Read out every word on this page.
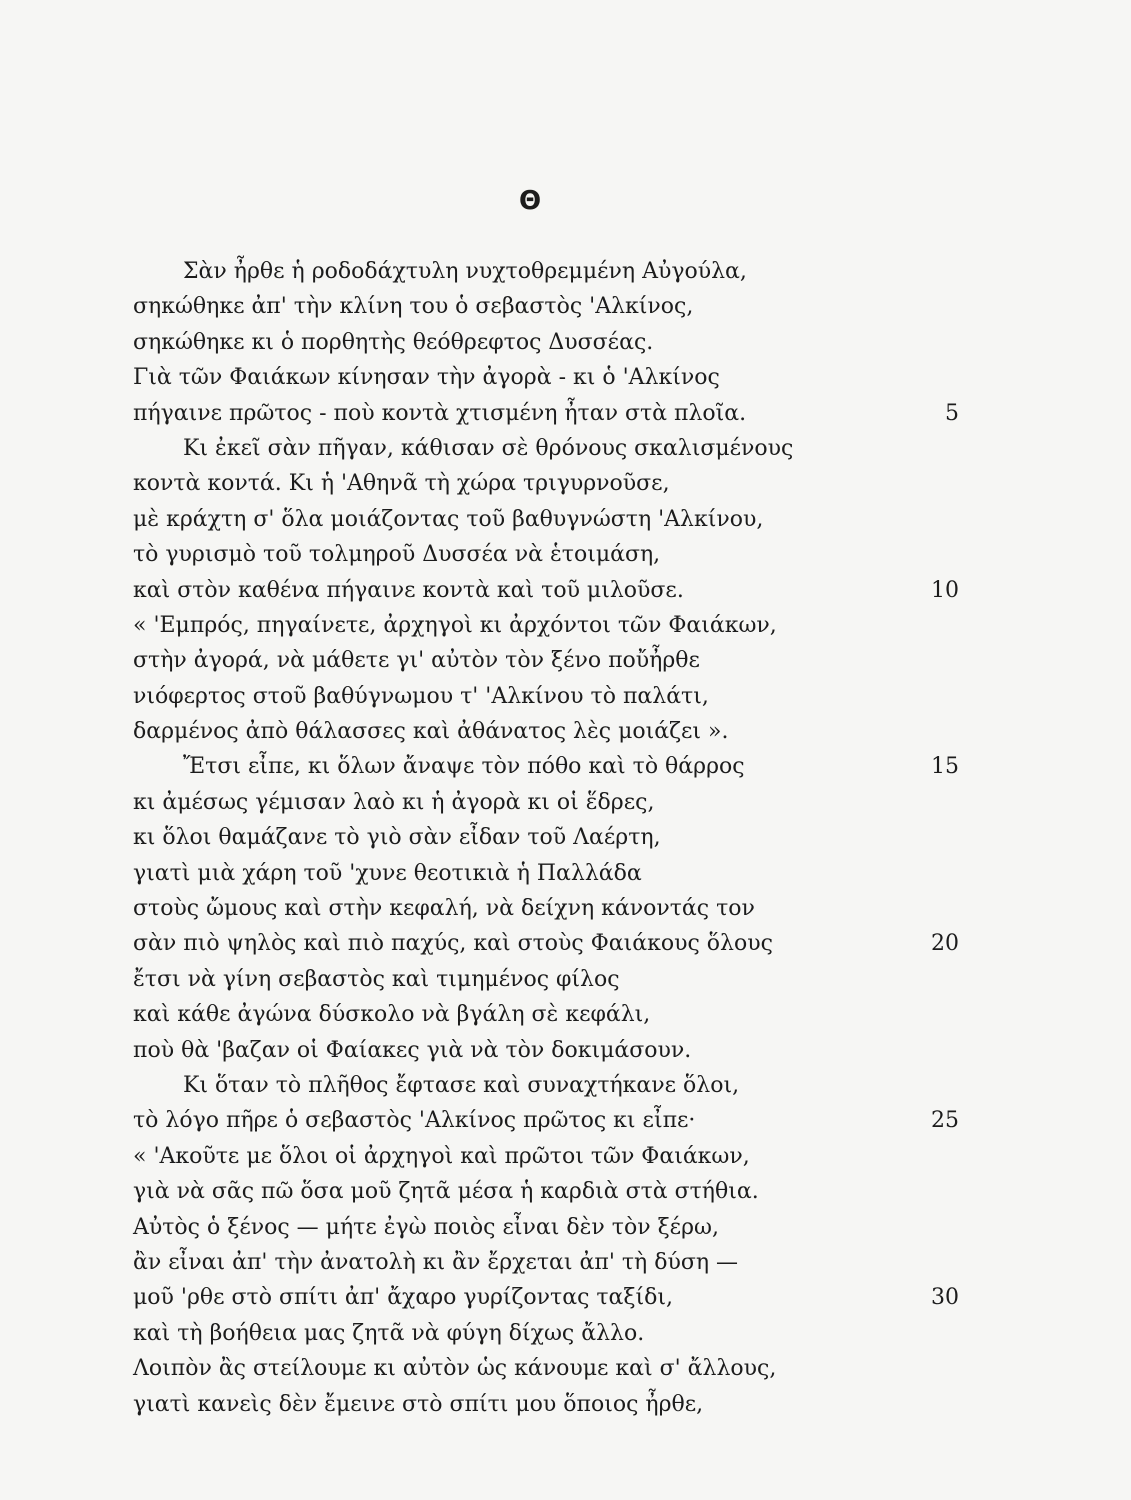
Θ
Σὰν ἦρθε ἡ ροδοδάχτυλη νυχτοθρεμμένη Αὐγούλα,
σηκώθηκε ἀπ' τὴν κλίνη του ὁ σεβαστὸς 'Αλκίνος,
σηκώθηκε κι ὁ πορθητὴς θεόθρεφτος Δυσσέας.
Γιὰ τῶν Φαιάκων κίνησαν τὴν ἀγορὰ - κι ὁ 'Αλκίνος
πήγαινε πρῶτος - ποὺ κοντὰ χτισμένη ἦταν στὰ πλοῖα.	5
Κι ἐκεῖ σὰν πῆγαν, κάθισαν σὲ θρόνους σκαλισμένους
κοντὰ κοντά. Κι ἡ 'Αθηνᾶ τὴ χώρα τριγυρνοῦσε,
μὲ κράχτη σ' ὅλα μοιάζοντας τοῦ βαθυγνώστη 'Αλκίνου,
τὸ γυρισμὸ τοῦ τολμηροῦ Δυσσέα νὰ ἑτοιμάση,
καὶ στὸν καθένα πήγαινε κοντὰ καὶ τοῦ μιλοῦσε.	10
« 'Εμπρός, πηγαίνετε, ἀρχηγοὶ κι ἀρχόντοι τῶν Φαιάκων,
στὴν ἀγορά, νὰ μάθετε γι' αὐτὸν τὸν ξένο ποὔἦρθε
νιόφερτος στοῦ βαθύγνωμου τ' 'Αλκίνου τὸ παλάτι,
δαρμένος ἀπὸ θάλασσες καὶ ἀθάνατος λὲς μοιάζει ».
Ἔτσι εἶπε, κι ὅλων ἄναψε τὸν πόθο καὶ τὸ θάρρος	15
κι ἀμέσως γέμισαν λαὸ κι ἡ ἀγορὰ κι οἱ ἕδρες,
κι ὅλοι θαμάζανε τὸ γιὸ σὰν εἶδαν τοῦ Λαέρτη,
γιατὶ μιὰ χάρη τοῦ 'χυνε θεοτικιὰ ἡ Παλλάδα
στοὺς ὤμους καὶ στὴν κεφαλή, νὰ δείχνη κάνοντάς τον
σὰν πιὸ ψηλὸς καὶ πιὸ παχύς, καὶ στοὺς Φαιάκους ὅλους	20
ἔτσι νὰ γίνη σεβαστὸς καὶ τιμημένος φίλος
καὶ κάθε ἀγώνα δύσκολο νὰ βγάλη σὲ κεφάλι,
ποὺ θὰ 'βαζαν οἱ Φαίακες γιὰ νὰ τὸν δοκιμάσουν.
Κι ὅταν τὸ πλῆθος ἔφτασε καὶ συναχτήκανε ὅλοι,
τὸ λόγο πῆρε ὁ σεβαστὸς 'Αλκίνος πρῶτος κι εἶπε·	25
« 'Ακοῦτε με ὅλοι οἱ ἀρχηγοὶ καὶ πρῶτοι τῶν Φαιάκων,
γιὰ νὰ σᾶς πῶ ὅσα μοῦ ζητᾶ μέσα ἡ καρδιὰ στὰ στήθια.
Αὐτὸς ὁ ξένος — μήτε ἐγὼ ποιὸς εἶναι δὲν τὸν ξέρω,
ἂν εἶναι ἀπ' τὴν ἀνατολὴ κι ἂν ἔρχεται ἀπ' τὴ δύση —
μοῦ 'ρθε στὸ σπίτι ἀπ' ἄχαρο γυρίζοντας ταξίδι,	30
καὶ τὴ βοήθεια μας ζητᾶ νὰ φύγη δίχως ἄλλο.
Λοιπὸν ἂς στείλουμε κι αὐτὸν ὡς κάνουμε καὶ σ' ἄλλους,
γιατὶ κανεὶς δὲν ἔμεινε στὸ σπίτι μου ὅποιος ἦρθε,
